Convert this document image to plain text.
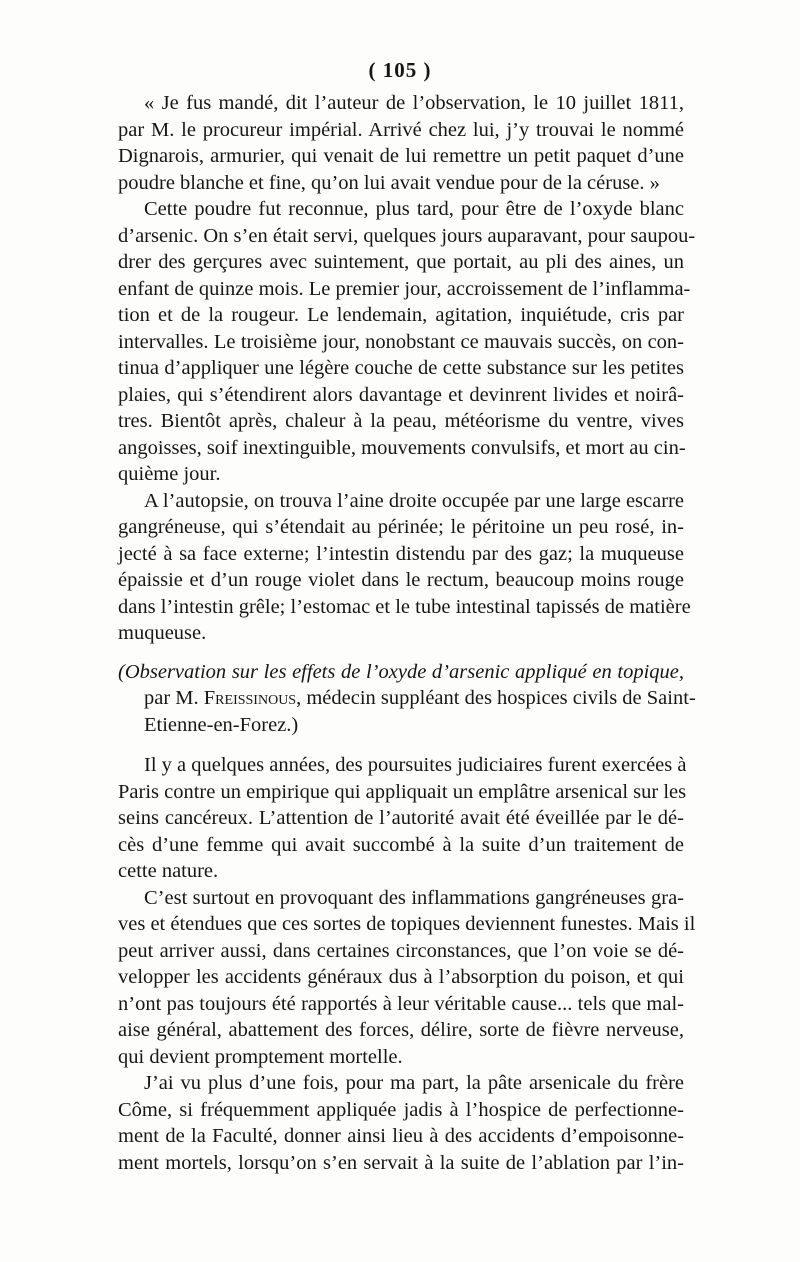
( 105 )
« Je fus mandé, dit l’auteur de l’observation, le 10 juillet 1811,
par M. le procureur impérial. Arrivé chez lui, j’y trouvai le nommé
Dignarois, armurier, qui venait de lui remettre un petit paquet d’une
poudre blanche et fine, qu’on lui avait vendue pour de la céruse. »
Cette poudre fut reconnue, plus tard, pour être de l’oxyde blanc
d’arsenic. On s’en était servi, quelques jours auparavant, pour saupou-
drer des gerçures avec suintement, que portait, au pli des aines, un
enfant de quinze mois. Le premier jour, accroissement de l’inflamma-
tion et de la rougeur. Le lendemain, agitation, inquiétude, cris par
intervalles. Le troisième jour, nonobstant ce mauvais succès, on con-
tinua d’appliquer une légère couche de cette substance sur les petites
plaies, qui s’étendirent alors davantage et devinrent livides et noirâ-
tres. Bientôt après, chaleur à la peau, météorisme du ventre, vives
angoisses, soif inextinguible, mouvements convulsifs, et mort au cin-
quième jour.
A l’autopsie, on trouva l’aine droite occupée par une large escarre
gangréneuse, qui s’étendait au périnée; le péritoine un peu rosé, in-
jecté à sa face externe; l’intestin distendu par des gaz; la muqueuse
épaissie et d’un rouge violet dans le rectum, beaucoup moins rouge
dans l’intestin grêle; l’estomac et le tube intestinal tapissés de matière
muqueuse.
(Observation sur les effets de l’oxyde d’arsenic appliqué en topique,
par M. Freissinous, médecin suppléant des hospices civils de Saint-
Etienne-en-Forez.)
Il y a quelques années, des poursuites judiciaires furent exercées à
Paris contre un empirique qui appliquait un emplâtre arsenical sur les
seins cancéreux. L’attention de l’autorité avait été éveillée par le dé-
cès d’une femme qui avait succombé à la suite d’un traitement de
cette nature.
C’est surtout en provoquant des inflammations gangréneuses gra-
ves et étendues que ces sortes de topiques deviennent funestes. Mais il
peut arriver aussi, dans certaines circonstances, que l’on voie se dé-
velopper les accidents généraux dus à l’absorption du poison, et qui
n’ont pas toujours été rapportés à leur véritable cause... tels que mal-
aise général, abattement des forces, délire, sorte de fièvre nerveuse,
qui devient promptement mortelle.
J’ai vu plus d’une fois, pour ma part, la pâte arsenicale du frère
Côme, si fréquemment appliquée jadis à l’hospice de perfectionne-
ment de la Faculté, donner ainsi lieu à des accidents d’empoisonne-
ment mortels, lorsqu’on s’en servait à la suite de l’ablation par l’in-
